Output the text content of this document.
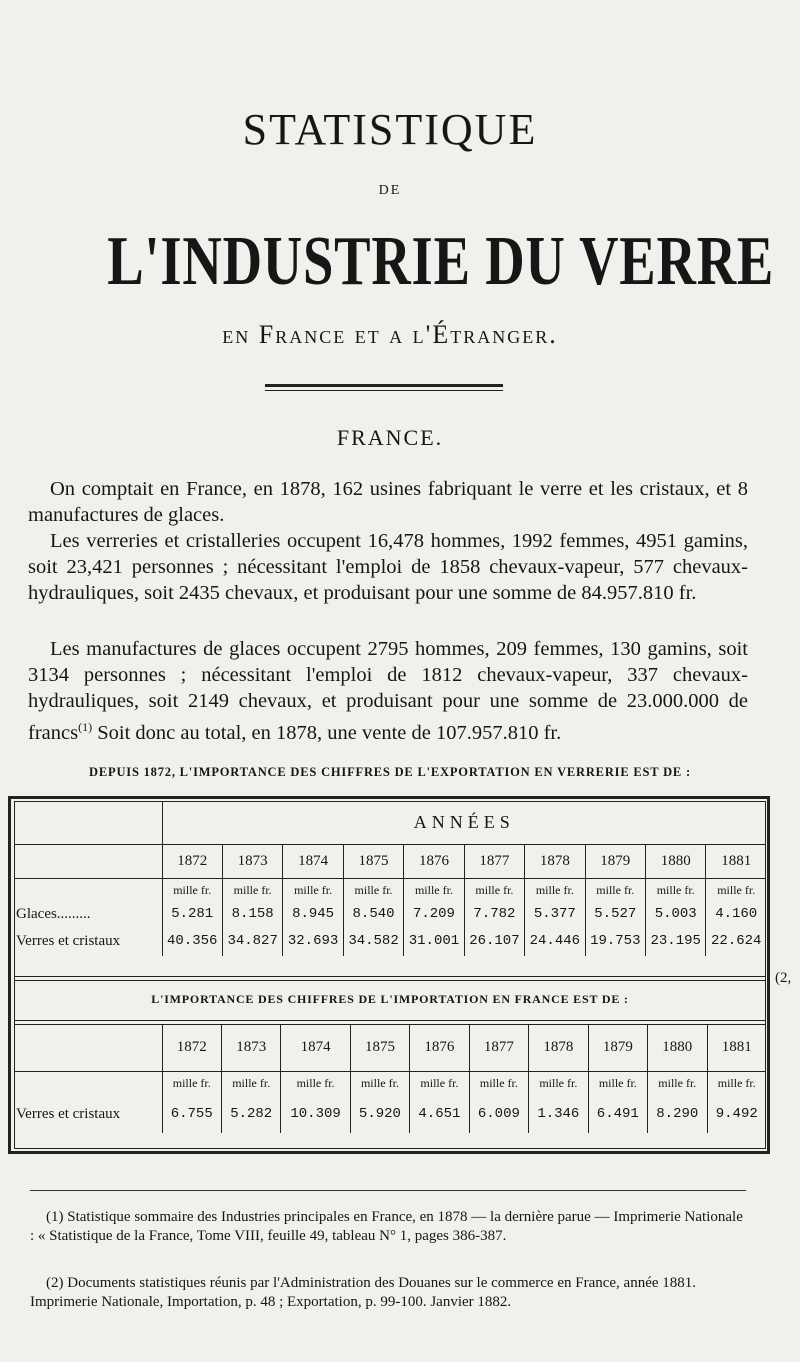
STATISTIQUE
DE
L'INDUSTRIE DU VERRE
en France et a l'Étranger.
FRANCE.
On comptait en France, en 1878, 162 usines fabriquant le verre et les cristaux, et 8 manufactures de glaces.
Les verreries et cristalleries occupent 16,478 hommes, 1992 femmes, 4951 gamins, soit 23,421 personnes ; nécessitant l'emploi de 1858 chevaux-vapeur, 577 chevaux-hydrauliques, soit 2435 chevaux, et produisant pour une somme de 84.957.810 fr.
Les manufactures de glaces occupent 2795 hommes, 209 femmes, 130 gamins, soit 3134 personnes ; nécessitant l'emploi de 1812 chevaux-vapeur, 337 chevaux-hydrauliques, soit 2149 chevaux, et produisant pour une somme de 23.000.000 de francs$^{(1)}$ Soit donc au total, en 1878, une vente de 107.957.810 fr.
DEPUIS 1872, L'IMPORTANCE DES CHIFFRES DE L'EXPORTATION EN VERRERIE EST DE :
	ANNÉES									
	1872	1873	1874	1875	1876	1877	1878	1879	1880	1881
	mille fr.	mille fr.	mille fr.	mille fr.	mille fr.	mille fr.	mille fr.	mille fr.	mille fr.	mille fr.
Glaces.........	5.281	8.158	8.945	8.540	7.209	7.782	5.377	5.527	5.003	4.160
Verres et cristaux	40.356	34.827	32.693	34.582	31.001	26.107	24.446	19.753	23.195	22.624
L'IMPORTANCE DES CHIFFRES DE L'IMPORTATION EN FRANCE EST DE :
(2,
	1872	1873	1874	1875	1876	1877	1878	1879	1880	1881
	mille fr.	mille fr.	mille fr.	mille fr.	mille fr.	mille fr.	mille fr.	mille fr.	mille fr.	mille fr.
Verres et cristaux	6.755	5.282	10.309	5.920	4.651	6.009	1.346	6.491	8.290	9.492
(1) Statistique sommaire des Industries principales en France, en 1878 — la dernière parue — Imprimerie Nationale : « Statistique de la France, Tome VIII, feuille 49, tableau N° 1, pages 386-387.
(2) Documents statistiques réunis par l'Administration des Douanes sur le commerce en France, année 1881. Imprimerie Nationale, Importation, p. 48 ; Exportation, p. 99-100. Janvier 1882.
